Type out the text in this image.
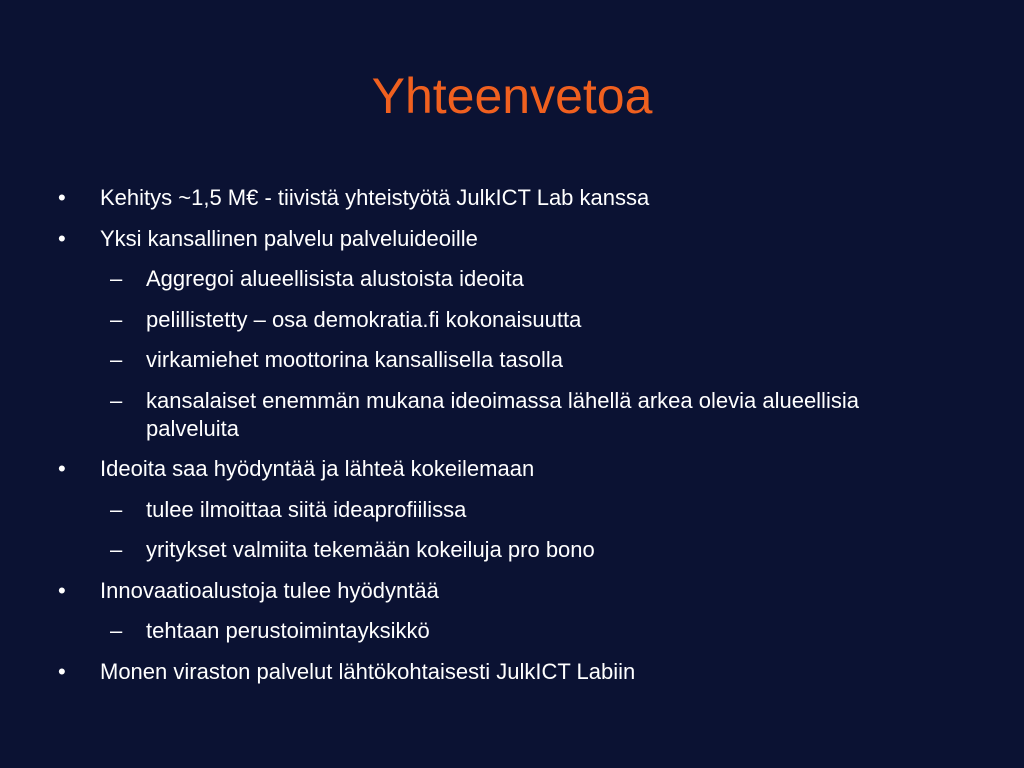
Yhteenvetoa
•	Kehitys ~1,5 M€ - tiivistä yhteistyötä JulkICT Lab kanssa
•	Yksi kansallinen palvelu palveluideoille
–	Aggregoi alueellisista alustoista ideoita
–	pelillistetty – osa demokratia.fi kokonaisuutta
–	virkamiehet moottorina kansallisella tasolla
–	kansalaiset enemmän mukana ideoimassa lähellä arkea olevia alueellisia palveluita
•	Ideoita saa hyödyntää ja lähteä kokeilemaan
–	tulee ilmoittaa siitä ideaprofiilissa
–	yritykset valmiita tekemään kokeiluja pro bono
•	Innovaatioalustoja tulee hyödyntää
–	tehtaan perustoimintayksikkö
•	Monen viraston palvelut lähtökohtaisesti JulkICT Labiin
